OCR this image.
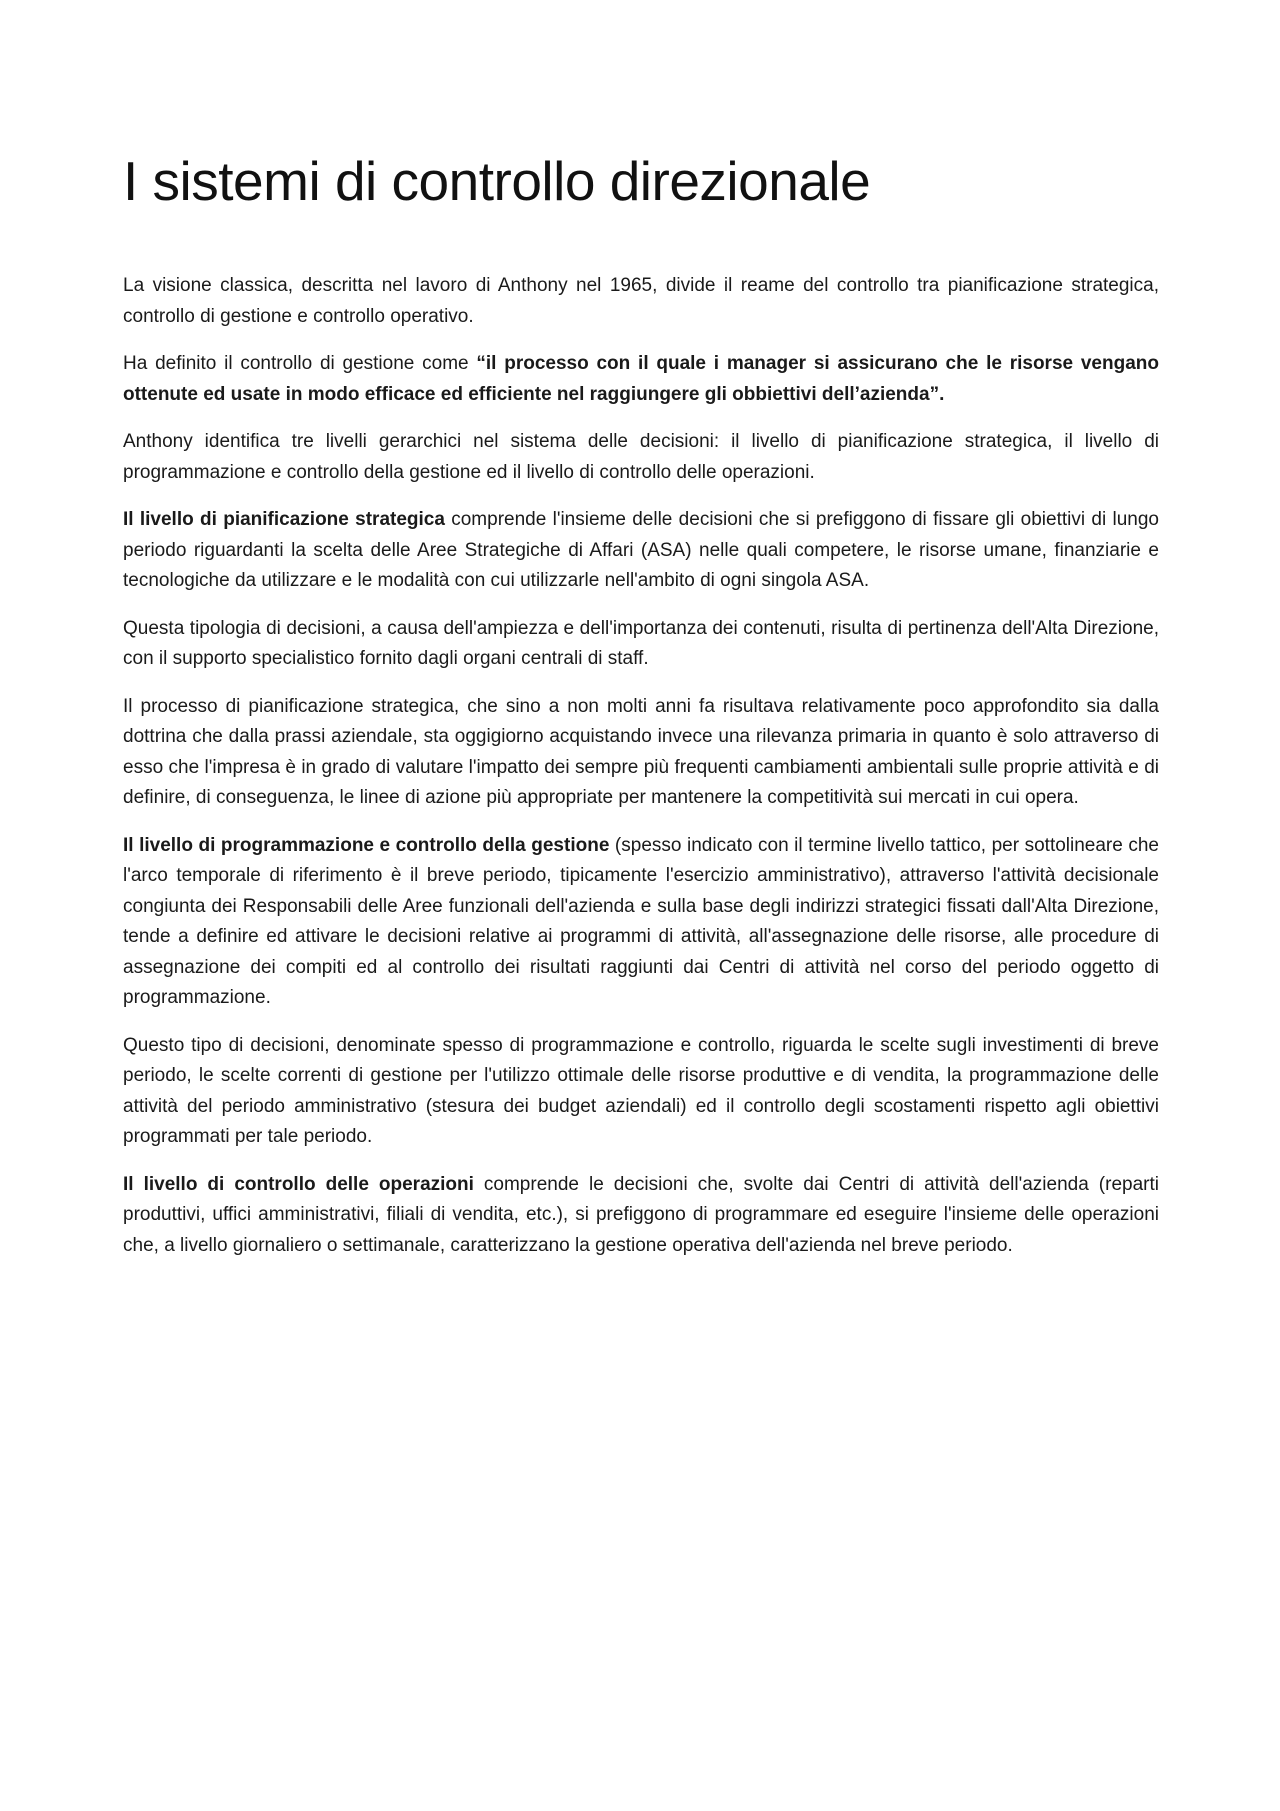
I sistemi di controllo direzionale

La visione classica, descritta nel lavoro di Anthony nel 1965, divide il reame del controllo tra pianificazione strategica, controllo di gestione e controllo operativo.

Ha definito il controllo di gestione come “il processo con il quale i manager si assicurano che le risorse vengano ottenute ed usate in modo efficace ed efficiente nel raggiungere gli obbiettivi dell’azienda”.

Anthony identifica tre livelli gerarchici nel sistema delle decisioni: il livello di pianificazione strategica, il livello di programmazione e controllo della gestione ed il livello di controllo delle operazioni.

Il livello di pianificazione strategica comprende l'insieme delle decisioni che si prefiggono di fissare gli obiettivi di lungo periodo riguardanti la scelta delle Aree Strategiche di Affari (ASA) nelle quali competere, le risorse umane, finanziarie e tecnologiche da utilizzare e le modalità con cui utilizzarle nell'ambito di ogni singola ASA.

Questa tipologia di decisioni, a causa dell'ampiezza e dell'importanza dei contenuti, risulta di pertinenza dell'Alta Direzione, con il supporto specialistico fornito dagli organi centrali di staff.

Il processo di pianificazione strategica, che sino a non molti anni fa risultava relativamente poco approfondito sia dalla dottrina che dalla prassi aziendale, sta oggigiorno acquistando invece una rilevanza primaria in quanto è solo attraverso di esso che l'impresa è in grado di valutare l'impatto dei sempre più frequenti cambiamenti ambientali sulle proprie attività e di definire, di conseguenza, le linee di azione più appropriate per mantenere la competitività sui mercati in cui opera.

Il livello di programmazione e controllo della gestione (spesso indicato con il termine livello tattico, per sottolineare che l'arco temporale di riferimento è il breve periodo, tipicamente l'esercizio amministrativo), attraverso l'attività decisionale congiunta dei Responsabili delle Aree funzionali dell'azienda e sulla base degli indirizzi strategici fissati dall'Alta Direzione, tende a definire ed attivare le decisioni relative ai programmi di attività, all'assegnazione delle risorse, alle procedure di assegnazione dei compiti ed al controllo dei risultati raggiunti dai Centri di attività nel corso del periodo oggetto di programmazione.

Questo tipo di decisioni, denominate spesso di programmazione e controllo, riguarda le scelte sugli investimenti di breve periodo, le scelte correnti di gestione per l'utilizzo ottimale delle risorse produttive e di vendita, la programmazione delle attività del periodo amministrativo (stesura dei budget aziendali) ed il controllo degli scostamenti rispetto agli obiettivi programmati per tale periodo.

Il livello di controllo delle operazioni comprende le decisioni che, svolte dai Centri di attività dell'azienda (reparti produttivi, uffici amministrativi, filiali di vendita, etc.), si prefiggono di programmare ed eseguire l'insieme delle operazioni che, a livello giornaliero o settimanale, caratterizzano la gestione operativa dell'azienda nel breve periodo.
